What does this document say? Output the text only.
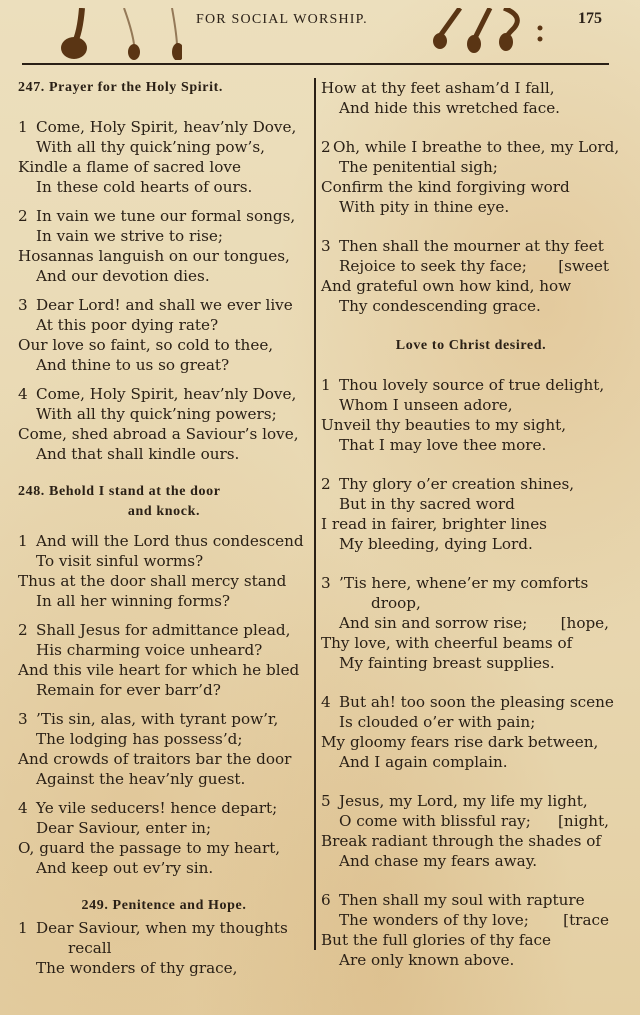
FOR SOCIAL WORSHIP.	175
247. Prayer for the Holy Spirit.
1 Come, Holy Spirit, heav’nly Dove,
With all thy quick’ning pow’s,
Kindle a flame of sacred love
In these cold hearts of ours.
2 In vain we tune our formal songs,
In vain we strive to rise;
Hosannas languish on our tongues,
And our devotion dies.
3 Dear Lord! and shall we ever live
At this poor dying rate?
Our love so faint, so cold to thee,
And thine to us so great?
4 Come, Holy Spirit, heav’nly Dove,
With all thy quick’ning powers;
Come, shed abroad a Saviour’s love,
And that shall kindle ours.
248. Behold I stand at the door
and knock.
1 And will the Lord thus condescend
To visit sinful worms?
Thus at the door shall mercy stand
In all her winning forms?
2 Shall Jesus for admittance plead,
His charming voice unheard?
And this vile heart for which he bled
Remain for ever barr’d?
3 ’Tis sin, alas, with tyrant pow’r,
The lodging has possess’d;
And crowds of traitors bar the door
Against the heav’nly guest.
4 Ye vile seducers! hence depart;
Dear Saviour, enter in;
O, guard the passage to my heart,
And keep out ev’ry sin.
249. Penitence and Hope.
1 Dear Saviour, when my thoughts
recall
The wonders of thy grace,
How at thy feet asham’d I fall,
And hide this wretched face.
2 Oh, while I breathe to thee, my Lord,
The penitential sigh;
Confirm the kind forgiving word
With pity in thine eye.
3 Then shall the mourner at thy feet
Rejoice to seek thy face; [sweet
And grateful own how kind, how
Thy condescending grace.
Love to Christ desired.
1 Thou lovely source of true delight,
Whom I unseen adore,
Unveil thy beauties to my sight,
That I may love thee more.
2 Thy glory o’er creation shines,
But in thy sacred word
I read in fairer, brighter lines
My bleeding, dying Lord.
3 ’Tis here, whene’er my comforts
droop,
And sin and sorrow rise; [hope,
Thy love, with cheerful beams of
My fainting breast supplies.
4 But ah! too soon the pleasing scene
Is clouded o’er with pain;
My gloomy fears rise dark between,
And I again complain.
5 Jesus, my Lord, my life my light,
O come with blissful ray; [night,
Break radiant through the shades of
And chase my fears away.
6 Then shall my soul with rapture
The wonders of thy love; [trace
But the full glories of thy face
Are only known above.
